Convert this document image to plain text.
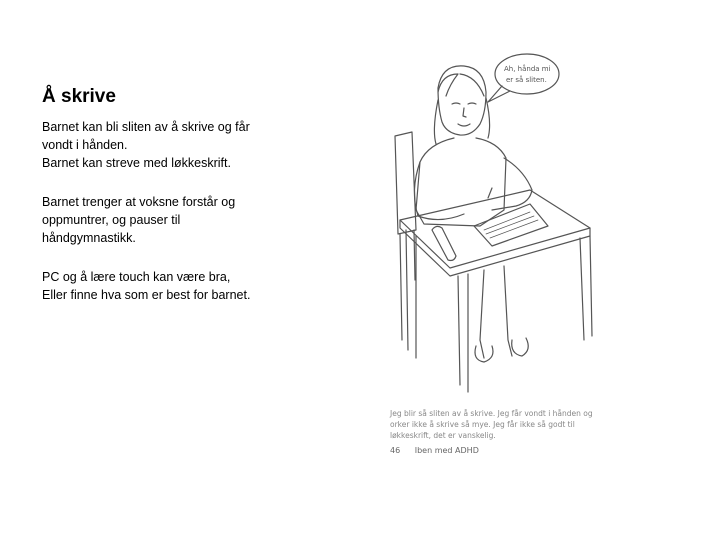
Å skrive
Barnet kan bli sliten av å skrive og får
vondt i hånden.
Barnet kan streve med løkkeskrift.
Barnet trenger at voksne forstår og
oppmuntrer, og pauser til
håndgymnastikk.
PC og å lære touch kan være bra,
Eller finne hva som er best for barnet.
Ah, hånda mi
er så sliten.

Jeg blir så sliten av å skrive. Jeg får vondt i hånden og orker ikke å skrive så mye. Jeg får ikke så godt til løkkeskrift, det er vanskelig.

46 Iben med ADHD
